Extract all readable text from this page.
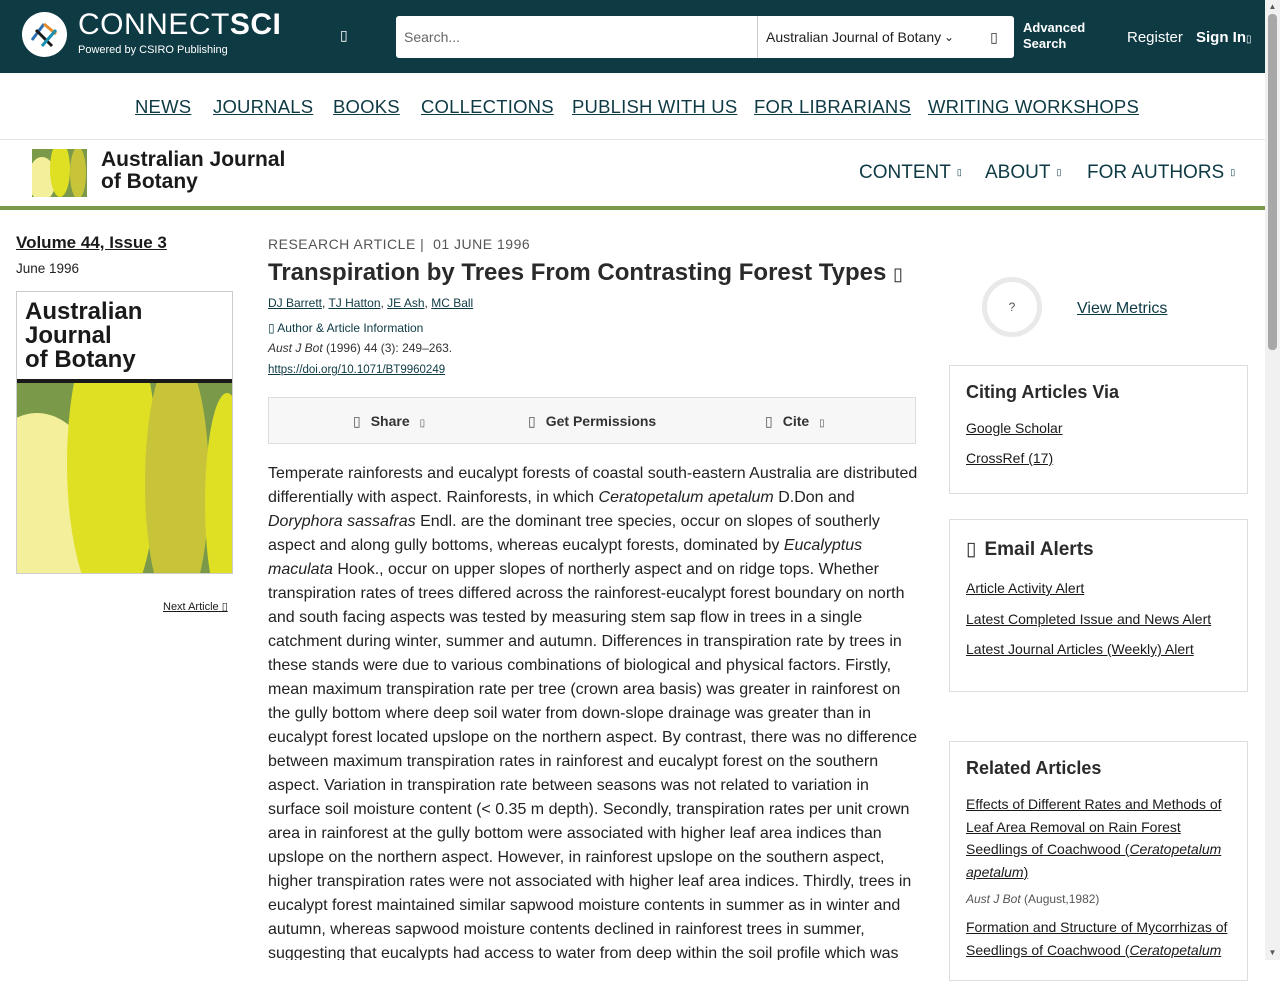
CONNECTSCI
Powered by CSIRO Publishing
▯
Search...	Australian Journal of Botany ⌄	▯
Advanced
Search	Register Sign In▯
NEWS JOURNALS BOOKS COLLECTIONS PUBLISH WITH US FOR LIBRARIANS WRITING WORKSHOPS
Australian Journal
of Botany	CONTENT ▯ ABOUT ▯ FOR AUTHORS ▯
Volume 44, Issue 3
June 1996
Australian
Journal
of Botany
Next Article ▯
RESEARCH ARTICLE | 01 JUNE 1996
Transpiration by Trees From Contrasting Forest Types ▯
DJ Barrett, TJ Hatton, JE Ash, MC Ball
▯ Author & Article Information
Aust J Bot (1996) 44 (3): 249–263.
https://doi.org/10.1071/BT9960249
▯ Share ▯	▯ Get Permissions	▯ Cite ▯
Temperate rainforests and eucalypt forests of coastal south-eastern Australia are distributed differentially with aspect. Rainforests, in which Ceratopetalum apetalum D.Don and Doryphora sassafras Endl. are the dominant tree species, occur on slopes of southerly aspect and along gully bottoms, whereas eucalypt forests, dominated by Eucalyptus maculata Hook., occur on upper slopes of northerly aspect and on ridge tops. Whether transpiration rates of trees differed across the rainforest-eucalypt forest boundary on north and south facing aspects was tested by measuring stem sap flow in trees in a single catchment during winter, summer and autumn. Differences in transpiration rate by trees in these stands were due to various combinations of biological and physical factors. Firstly, mean maximum transpiration rate per tree (crown area basis) was greater in rainforest on the gully bottom where deep soil water from down-slope drainage was greater than in eucalypt forest located upslope on the northern aspect. By contrast, there was no difference between maximum transpiration rates in rainforest and eucalypt forest on the southern aspect. Variation in transpiration rate between seasons was not related to variation in surface soil moisture content (< 0.35 m depth). Secondly, transpiration rates per unit crown area in rainforest at the gully bottom were associated with higher leaf area indices than upslope on the northern aspect. However, in rainforest upslope on the southern aspect, higher transpiration rates were not associated with higher leaf area indices. Thirdly, trees in eucalypt forest maintained similar sapwood moisture contents in summer as in winter and autumn, whereas sapwood moisture contents declined in rainforest trees in summer, suggesting that eucalypts had access to water from deep within the soil profile which was
?	View Metrics
Citing Articles Via
Google Scholar
CrossRef (17)
▯ Email Alerts
Article Activity Alert
Latest Completed Issue and News Alert
Latest Journal Articles (Weekly) Alert
Related Articles
Effects of Different Rates and Methods of Leaf Area Removal on Rain Forest Seedlings of Coachwood (Ceratopetalum apetalum)
Aust J Bot (August,1982)
Formation and Structure of Mycorrhizas of Seedlings of Coachwood (Ceratopetalum
▲
▼
